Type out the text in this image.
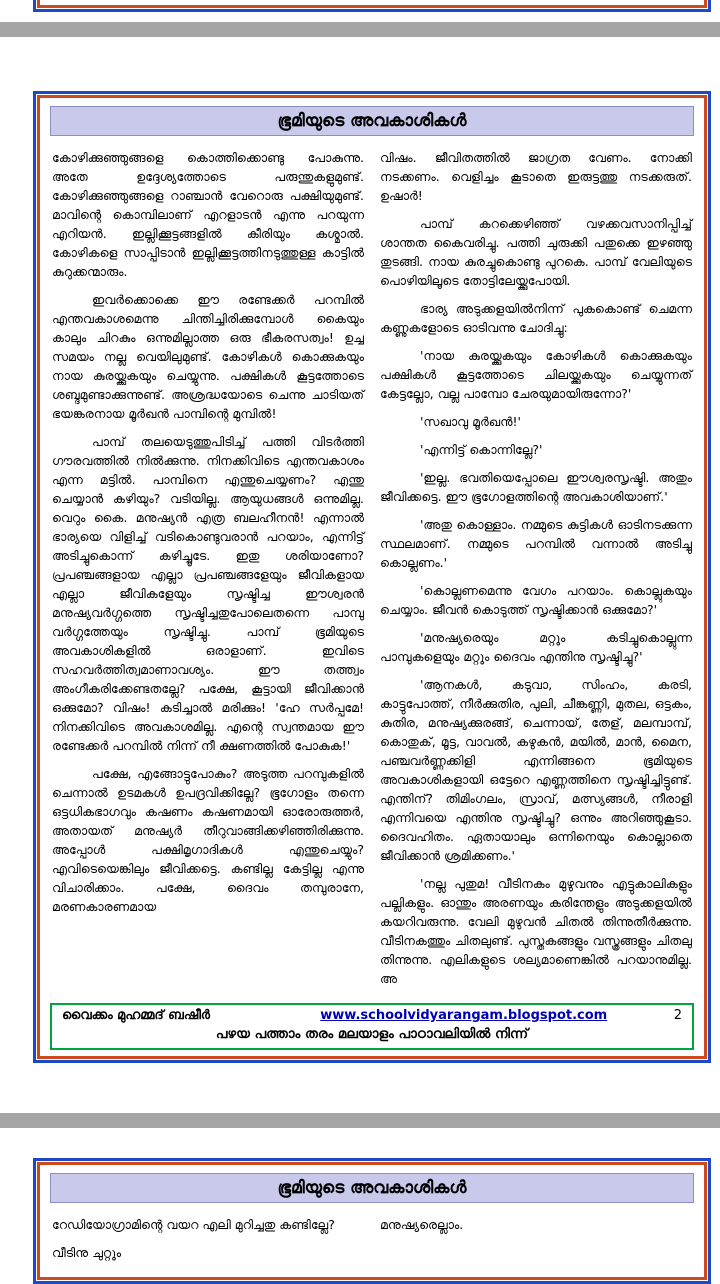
ഭൂമിയുടെ അവകാശികൾ

കോഴിക്കുഞ്ഞുങ്ങളെ കൊത്തിക്കൊണ്ടു പോകുന്നു. അതേ ഉദ്ദേശ്യത്തോടെ പരുന്തുകളുമുണ്ട്. കോഴിക്കുഞ്ഞുങ്ങളെ റാഞ്ചാൻ വേറൊരു പക്ഷിയുമുണ്ട്. മാവിന്റെ കൊമ്പിലാണ് എറളാടൻ എന്നു പറയുന്ന എറിയൻ. ഇല്ലിക്കൂട്ടങ്ങളിൽ കീരിയും കശ്മാൽ. കോഴികളെ സാപ്പിടാൻ ഇല്ലിക്കൂട്ടത്തിനടുത്തുള്ള കാട്ടിൽ കുറുക്കന്മാരും.

ഇവർക്കൊക്കെ ഈ രണ്ടേക്കർ പറമ്പിൽ എന്തവകാശമെന്നു ചിന്തിച്ചിരിക്കുമ്പോൾ കൈയും കാലും ചിറകും ഒന്നുമില്ലാത്ത ഒരു ഭീകരസത്വം! ഉച്ച സമയം നല്ല വെയിലുമുണ്ട്. കോഴികൾ കൊക്കുകയും നായ കുരയ്ക്കുകയും ചെയ്യുന്നു. പക്ഷികൾ കൂട്ടത്തോടെ ശബ്ദമുണ്ടാക്കുന്നുണ്ട്. അശ്രദ്ധയോടെ ചെന്നു ചാടിയത് ഭയങ്കരനായ മൂർഖൻ പാമ്പിന്റെ മുമ്പിൽ!

പാമ്പ് തലയെടുത്തുപിടിച്ച് പത്തി വിടർത്തി ഗൗരവത്തിൽ നിൽക്കുന്നു. നിനക്കിവിടെ എന്തവകാശം എന്ന മട്ടിൽ. പാമ്പിനെ എന്തുചെയ്യണം? എന്തു ചെയ്യാൻ കഴിയും? വടിയില്ല. ആയുധങ്ങൾ ഒന്നുമില്ല. വെറും കൈ. മനുഷ്യൻ എത്ര ബലഹീനൻ! എന്നാൽ ഭാര്യയെ വിളിച്ച് വടികൊണ്ടുവരാൻ പറയാം, എന്നിട്ട് അടിച്ചുകൊന്ന് കഴിച്ചൂടേ. ഇതു ശരിയാണോ? പ്രപഞ്ചങ്ങളായ എല്ലാ പ്രപഞ്ചങ്ങളേയും ജീവികളായ എല്ലാ ജീവികളേയും സൃഷ്ടിച്ച ഈശ്വരൻ മനുഷ്യവർഗ്ഗത്തെ സൃഷ്ടിച്ചതുപോലെതന്നെ പാമ്പു വർഗ്ഗത്തേയും സൃഷ്ടിച്ചു. പാമ്പ് ഭൂമിയുടെ അവകാശികളിൽ ഒരാളാണ്. ഇവിടെ സഹവർത്തിത്വമാണാവശ്യം. ഈ തത്ത്വം അംഗീകരിക്കേണ്ടതല്ലേ? പക്ഷേ, കൂട്ടായി ജീവിക്കാൻ ഒക്കുമോ? വിഷം! കടിച്ചാൽ മരിക്കും! 'ഹേ സർപ്പമേ! നിനക്കിവിടെ അവകാശമില്ല. എന്റെ സ്വന്തമായ ഈ രണ്ടേക്കർ പറമ്പിൽ നിന്ന് നീ ക്ഷണത്തിൽ പോകുക!'

പക്ഷേ, എങ്ങോട്ടുപോകും? അടുത്ത പറമ്പുകളിൽ ചെന്നാൽ ഉടമകൾ ഉപദ്രവിക്കില്ലേ? ഭൂഗോളം തന്നെ ഒട്ടധികഭാഗവും കഷണം കഷണമായി ഓരോരുത്തർ, അതായത് മനുഷ്യർ തീറുവാങ്ങിക്കഴിഞ്ഞിരിക്കുന്നു. അപ്പോൾ പക്ഷിമൃഗാദികൾ എന്തുചെയ്യും? എവിടെയെങ്കിലും ജീവിക്കട്ടെ. കണ്ടില്ല കേട്ടില്ല എന്നു വിചാരിക്കാം. പക്ഷേ, ദൈവം തമ്പുരാനേ, മരണകാരണമായ

വിഷം. ജീവിതത്തിൽ ജാഗ്രത വേണം. നോക്കി നടക്കണം. വെളിച്ചം കൂടാതെ ഇരുട്ടത്തു നടക്കരുത്. ഉഷാർ!

പാമ്പ് കറക്കെഴിഞ്ഞ് വഴക്കവസാനിപ്പിച്ച് ശാന്തത കൈവരിച്ചു. പത്തി ചുരുക്കി പതുക്കെ ഇഴഞ്ഞു തുടങ്ങി. നായ കുരച്ചുകൊണ്ടു പുറകെ. പാമ്പ് വേലിയുടെ പൊഴിയിലൂടെ തോട്ടിലേയ്ക്കുപോയി.

ഭാര്യ അടുക്കളയിൽനിന്ന് പുകകൊണ്ട് ചെമന്ന കണ്ണുകളോടെ ഓടിവന്നു ചോദിച്ചു:

'നായ കുരയ്ക്കുകയും കോഴികൾ കൊക്കുകയും പക്ഷികൾ കൂട്ടത്തോടെ ചിലയ്ക്കുകയും ചെയ്യുന്നത് കേട്ടല്ലോ, വല്ല പാമ്പോ ചേരയുമായിരുന്നോ?'

'സഖാവു മൂർഖൻ!'

'എന്നിട്ട് കൊന്നില്ലേ?'

'ഇല്ല. ഭവതിയെപ്പോലെ ഈശ്വരസൃഷ്ടി. അതും ജീവിക്കട്ടെ. ഈ ഭൂഗോളത്തിന്റെ അവകാശിയാണ്.'

'അതു കൊള്ളാം. നമ്മുടെ കുട്ടികൾ ഓടിനടക്കുന്ന സ്ഥലമാണ്. നമ്മുടെ പറമ്പിൽ വന്നാൽ അടിച്ചു കൊല്ലണം.'

'കൊല്ലണമെന്നു വേഗം പറയാം. കൊല്ലുകയും ചെയ്യാം. ജീവൻ കൊടുത്ത് സൃഷ്ടിക്കാൻ ഒക്കുമോ?'

'മനുഷ്യരെയും മറ്റും കടിച്ചുകൊല്ലുന്ന പാമ്പുകളെയും മറ്റും ദൈവം എന്തിനു സൃഷ്ടിച്ചു?'

'ആനകൾ, കടുവാ, സിംഹം, കരടി, കാട്ടുപോത്ത്, നീർക്കുതിര, പുലി, ചീങ്കണ്ണി, മുതല, ഒട്ടകം, കുതിര, മനുഷ്യക്കുരങ്ങ്, ചെന്നായ്, തേള്, മലമ്പാമ്പ്, കൊതുക്, മൂട്ട, വാവൽ, കഴുകൻ, മയിൽ, മാൻ, മൈന, പഞ്ചവർണ്ണക്കിളി എന്നിങ്ങനെ ഭൂമിയുടെ അവകാശികളായി ഒട്ടേറെ എണ്ണത്തിനെ സൃഷ്ടിച്ചിട്ടുണ്ട്. എന്തിന്? തിമിംഗലം, സ്രാവ്, മത്സ്യങ്ങൾ, നീരാളി എന്നിവയെ എന്തിനു സൃഷ്ടിച്ചു? ഒന്നും അറിഞ്ഞുകൂടാ. ദൈവഹിതം. ഏതായാലും ഒന്നിനെയും കൊല്ലാതെ ജീവിക്കാൻ ശ്രമിക്കണം.'

'നല്ല പുതുമ! വീടിനകം മുഴുവനും എട്ടുകാലികളും പല്ലികളും. ഓന്തും അരണയും കരിന്തേളും അടുക്കളയിൽ കയറിവരുന്നു. വേലി മുഴുവൻ ചിതൽ തിന്നുതീർക്കുന്നു. വീടിനകത്തും ചിതലുണ്ട്. പുസ്തകങ്ങളും വസ്ത്രങ്ങളും ചിതലു തിന്നുന്നു. എലികളുടെ ശല്യമാണെങ്കിൽ പറയാനുമില്ല. അ

വൈക്കം മുഹമ്മദ് ബഷീർ	www.schoolvidyarangam.blogspot.com	2
പഴയ പത്താം തരം മലയാളം പാഠാവലിയിൽ നിന്ന്
ഭൂമിയുടെ അവകാശികൾ

റേഡിയോഗ്രാമിന്റെ വയറ എലി മുറിച്ചതു കണ്ടില്ലേ?

വീടിനു ചുറ്റും

മനുഷ്യരെല്ലാം.
